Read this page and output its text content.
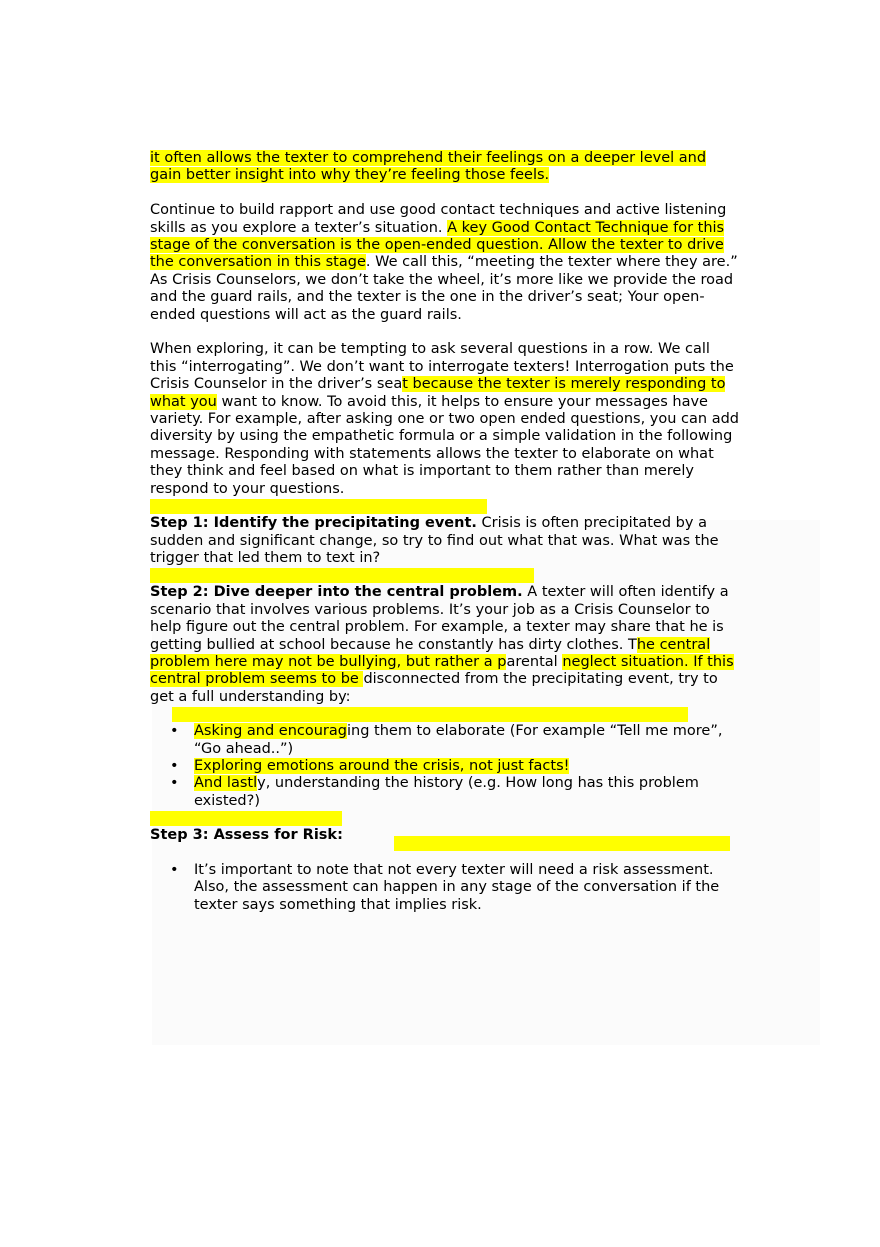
it often allows the texter to comprehend their feelings on a deeper level and gain better insight into why they’re feeling those feels.

Continue to build rapport and use good contact techniques and active listening skills as you explore a texter’s situation. A key Good Contact Technique for this stage of the conversation is the open-ended question. Allow the texter to drive the conversation in this stage. We call this, “meeting the texter where they are.” As Crisis Counselors, we don’t take the wheel, it’s more like we provide the road and the guard rails, and the texter is the one in the driver’s seat; Your open-ended questions will act as the guard rails.

When exploring, it can be tempting to ask several questions in a row. We call this “interrogating”. We don’t want to interrogate texters! Interrogation puts the Crisis Counselor in the driver’s seat because the texter is merely responding to what you want to know. To avoid this, it helps to ensure your messages have variety. For example, after asking one or two open ended questions, you can add diversity by using the empathetic formula or a simple validation in the following message. Responding with statements allows the texter to elaborate on what they think and feel based on what is important to them rather than merely respond to your questions.

Step 1: Identify the precipitating event. Crisis is often precipitated by a sudden and significant change, so try to find out what that was. What was the trigger that led them to text in?

Step 2: Dive deeper into the central problem. A texter will often identify a scenario that involves various problems. It’s your job as a Crisis Counselor to help figure out the central problem. For example, a texter may share that he is getting bullied at school because he constantly has dirty clothes. The central problem here may not be bullying, but rather a parental neglect situation. If this central problem seems to be disconnected from the precipitating event, try to get a full understanding by:

• Asking and encouraging them to elaborate (For example “Tell me more”, “Go ahead..”)
• Exploring emotions around the crisis, not just facts!
• And lastly, understanding the history (e.g. How long has this problem existed?)

Step 3: Assess for Risk:

• It’s important to note that not every texter will need a risk assessment. Also, the assessment can happen in any stage of the conversation if the texter says something that implies risk.
